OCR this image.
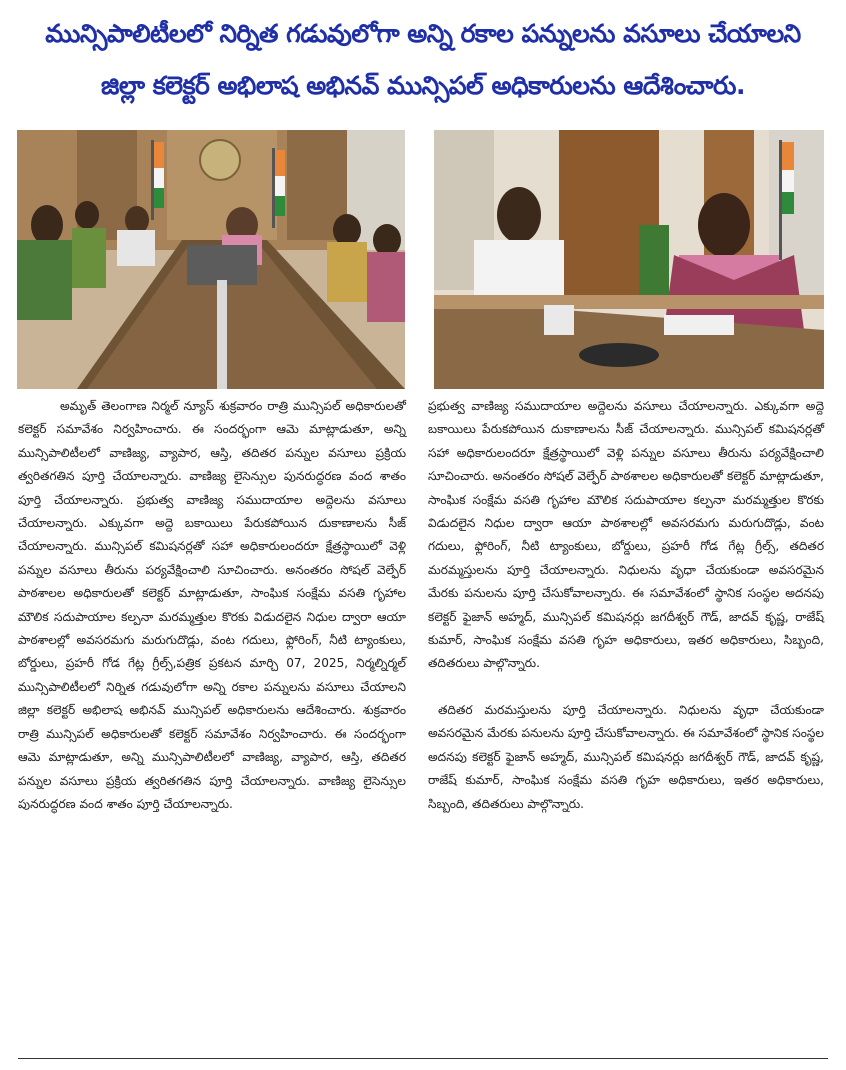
మున్సిపాలిటీలలో నిర్నిత గడువులోగా అన్ని రకాల పన్నులను వసూలు చేయాలని
జిల్లా కలెక్టర్ అభిలాష అభినవ్ మున్సిపల్ అధికారులను ఆదేశించారు.

అమృత్ తెలంగాణ నిర్మల్ న్యూస్ శుక్రవారం రాత్రి మున్సిపల్ అధికారులతో కలెక్టర్ సమావేశం నిర్వహించారు. ఈ సందర్భంగా ఆమె మాట్లాడుతూ, అన్ని మున్సిపాలిటీలలో వాణిజ్య, వ్యాపార, ఆస్తి, తదితర పన్నుల వసూలు ప్రక్రియ త్వరితగతిన పూర్తి చేయాలన్నారు. వాణిజ్య లైసెన్సుల పునరుద్ధరణ వంద శాతం పూర్తి చేయాలన్నారు. ప్రభుత్వ వాణిజ్య సముదాయాల అద్దెలను వసూలు చేయాలన్నారు. ఎక్కువగా అద్దె బకాయిలు పేరుకపోయిన దుకాణాలను సీజ్ చేయాలన్నారు. మున్సిపల్ కమిషనర్లతో సహా అధికారులందరూ క్షేత్రస్థాయిలో వెళ్లి పన్నుల వసూలు తీరును పర్యవేక్షించాలి సూచించారు. అనంతరం సోషల్ వెల్ఫేర్ పాఠశాలల అధికారులతో కలెక్టర్ మాట్లాడుతూ, సాంఘిక సంక్షేమ వసతి గృహాల మౌలిక సదుపాయాల కల్పనా మరమ్మత్తుల కొరకు విడుదలైన నిధుల ద్వారా ఆయా పాఠశాలల్లో అవసరమగు మరుగుదొడ్లు, వంట గదులు, ఫ్లోరింగ్, నీటి ట్యాంకులు, బోర్డులు, ప్రహరీ గోడ గేట్ల గ్రీల్స్,పత్రిక ప్రకటన మార్చి 07, 2025, నిర్మల్నిర్మల్ మున్సిపాలిటీలలో నిర్నిత గడువులోగా అన్ని రకాల పన్నులను వసూలు చేయాలని జిల్లా కలెక్టర్ అభిలాష అభినవ్ మున్సిపల్ అధికారులను ఆదేశించారు. శుక్రవారం రాత్రి మున్సిపల్ అధికారులతో కలెక్టర్ సమావేశం నిర్వహించారు. ఈ సందర్భంగా ఆమె మాట్లాడుతూ, అన్ని మున్సిపాలిటీలలో వాణిజ్య, వ్యాపార, ఆస్తి, తదితర పన్నుల వసూలు ప్రక్రియ త్వరితగతిన పూర్తి చేయాలన్నారు. వాణిజ్య లైసెన్సుల పునరుద్ధరణ వంద శాతం పూర్తి చేయాలన్నారు.

ప్రభుత్వ వాణిజ్య సముదాయాల అద్దెలను వసూలు చేయాలన్నారు. ఎక్కువగా అద్దె బకాయిలు పేరుకపోయిన దుకాణాలను సీజ్ చేయాలన్నారు. మున్సిపల్ కమిషనర్లతో సహా అధికారులందరూ క్షేత్రస్థాయిలో వెళ్లి పన్నుల వసూలు తీరును పర్యవేక్షించాలి సూచించారు. అనంతరం సోషల్ వెల్ఫేర్ పాఠశాలల అధికారులతో కలెక్టర్ మాట్లాడుతూ, సాంఘిక సంక్షేమ వసతి గృహాల మౌలిక సదుపాయాల కల్పనా మరమ్మత్తుల కొరకు విడుదలైన నిధుల ద్వారా ఆయా పాఠశాలల్లో అవసరమగు మరుగుదొడ్లు, వంట గదులు, ఫ్లోరింగ్, నీటి ట్యాంకులు, బోర్డులు, ప్రహరీ గోడ గేట్ల గ్రీల్స్, తదితర మరమ్మస్తులను పూర్తి చేయాలన్నారు. నిధులను వృధా చేయకుండా అవసరమైన మేరకు పనులను పూర్తి చేసుకోవాలన్నారు. ఈ సమావేశంలో స్థానిక సంస్థల అదనపు కలెక్టర్ ఫైజాన్ అహ్మద్, మున్సిపల్ కమిషనర్లు జగదీశ్వర్ గౌడ్, జాదవ్ కృష్ణ, రాజేష్ కుమార్, సాంఘిక సంక్షేమ వసతి గృహ అధికారులు, ఇతర అధికారులు, సిబ్బంది, తదితరులు పాల్గొన్నారు.

తదితర మరమస్తులను పూర్తి చేయాలన్నారు. నిధులను వృధా చేయకుండా అవసరమైన మేరకు పనులను పూర్తి చేసుకోవాలన్నారు. ఈ సమావేశంలో స్థానిక సంస్థల అదనపు కలెక్టర్ ఫైజాన్ అహ్మద్, మున్సిపల్ కమిషనర్లు జగదీశ్వర్ గౌడ్, జాదవ్ కృష్ణ, రాజేష్ కుమార్, సాంఘిక సంక్షేమ వసతి గృహ అధికారులు, ఇతర అధికారులు, సిబ్బంది, తదితరులు పాల్గొన్నారు.
